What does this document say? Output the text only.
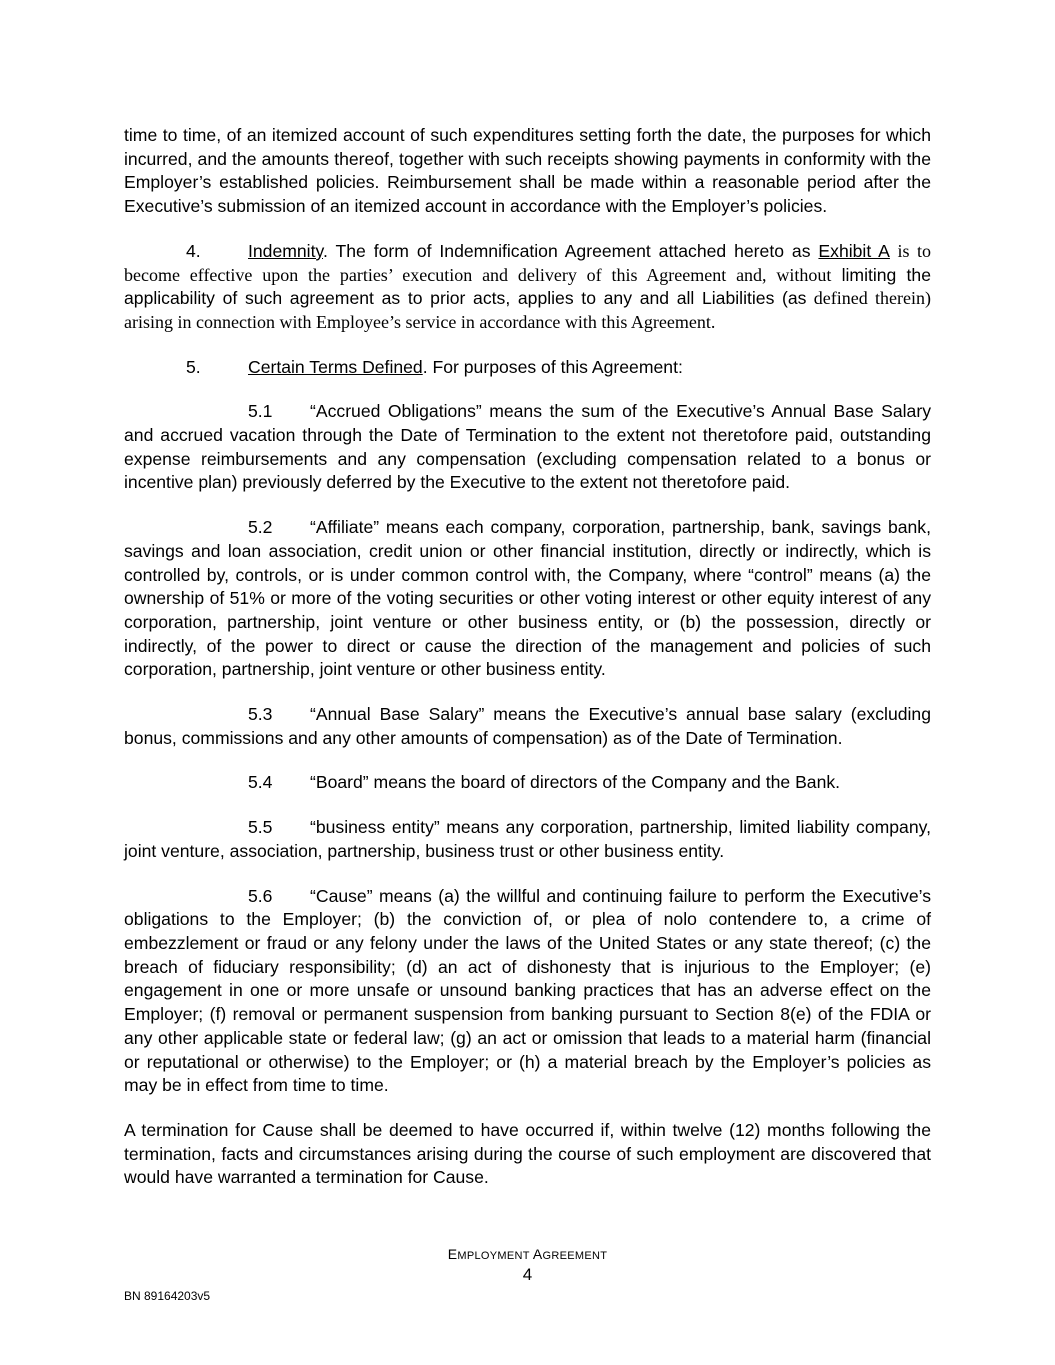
time to time, of an itemized account of such expenditures setting forth the date, the purposes for which incurred, and the amounts thereof, together with such receipts showing payments in conformity with the Employer’s established policies. Reimbursement shall be made within a reasonable period after the Executive’s submission of an itemized account in accordance with the Employer’s policies.

4.	Indemnity. The form of Indemnification Agreement attached hereto as Exhibit A is to become effective upon the parties’ execution and delivery of this Agreement and, without limiting the applicability of such agreement as to prior acts, applies to any and all Liabilities (as defined therein) arising in connection with Employee’s service in accordance with this Agreement.

5.	Certain Terms Defined. For purposes of this Agreement:

5.1 “Accrued Obligations” means the sum of the Executive’s Annual Base Salary and accrued vacation through the Date of Termination to the extent not theretofore paid, outstanding expense reimbursements and any compensation (excluding compensation related to a bonus or incentive plan) previously deferred by the Executive to the extent not theretofore paid.

5.2 “Affiliate” means each company, corporation, partnership, bank, savings bank, savings and loan association, credit union or other financial institution, directly or indirectly, which is controlled by, controls, or is under common control with, the Company, where “control” means (a) the ownership of 51% or more of the voting securities or other voting interest or other equity interest of any corporation, partnership, joint venture or other business entity, or (b) the possession, directly or indirectly, of the power to direct or cause the direction of the management and policies of such corporation, partnership, joint venture or other business entity.

5.3 “Annual Base Salary” means the Executive’s annual base salary (excluding bonus, commissions and any other amounts of compensation) as of the Date of Termination.

5.4 “Board” means the board of directors of the Company and the Bank.

5.5 “business entity” means any corporation, partnership, limited liability company, joint venture, association, partnership, business trust or other business entity.

5.6 “Cause” means (a) the willful and continuing failure to perform the Executive’s obligations to the Employer; (b) the conviction of, or plea of nolo contendere to, a crime of embezzlement or fraud or any felony under the laws of the United States or any state thereof; (c) the breach of fiduciary responsibility; (d) an act of dishonesty that is injurious to the Employer; (e) engagement in one or more unsafe or unsound banking practices that has an adverse effect on the Employer; (f) removal or permanent suspension from banking pursuant to Section 8(e) of the FDIA or any other applicable state or federal law; (g) an act or omission that leads to a material harm (financial or reputational or otherwise) to the Employer; or (h) a material breach by the Employer’s policies as may be in effect from time to time.

A termination for Cause shall be deemed to have occurred if, within twelve (12) months following the termination, facts and circumstances arising during the course of such employment are discovered that would have warranted a termination for Cause.

EMPLOYMENT AGREEMENT
4
BN 89164203v5
